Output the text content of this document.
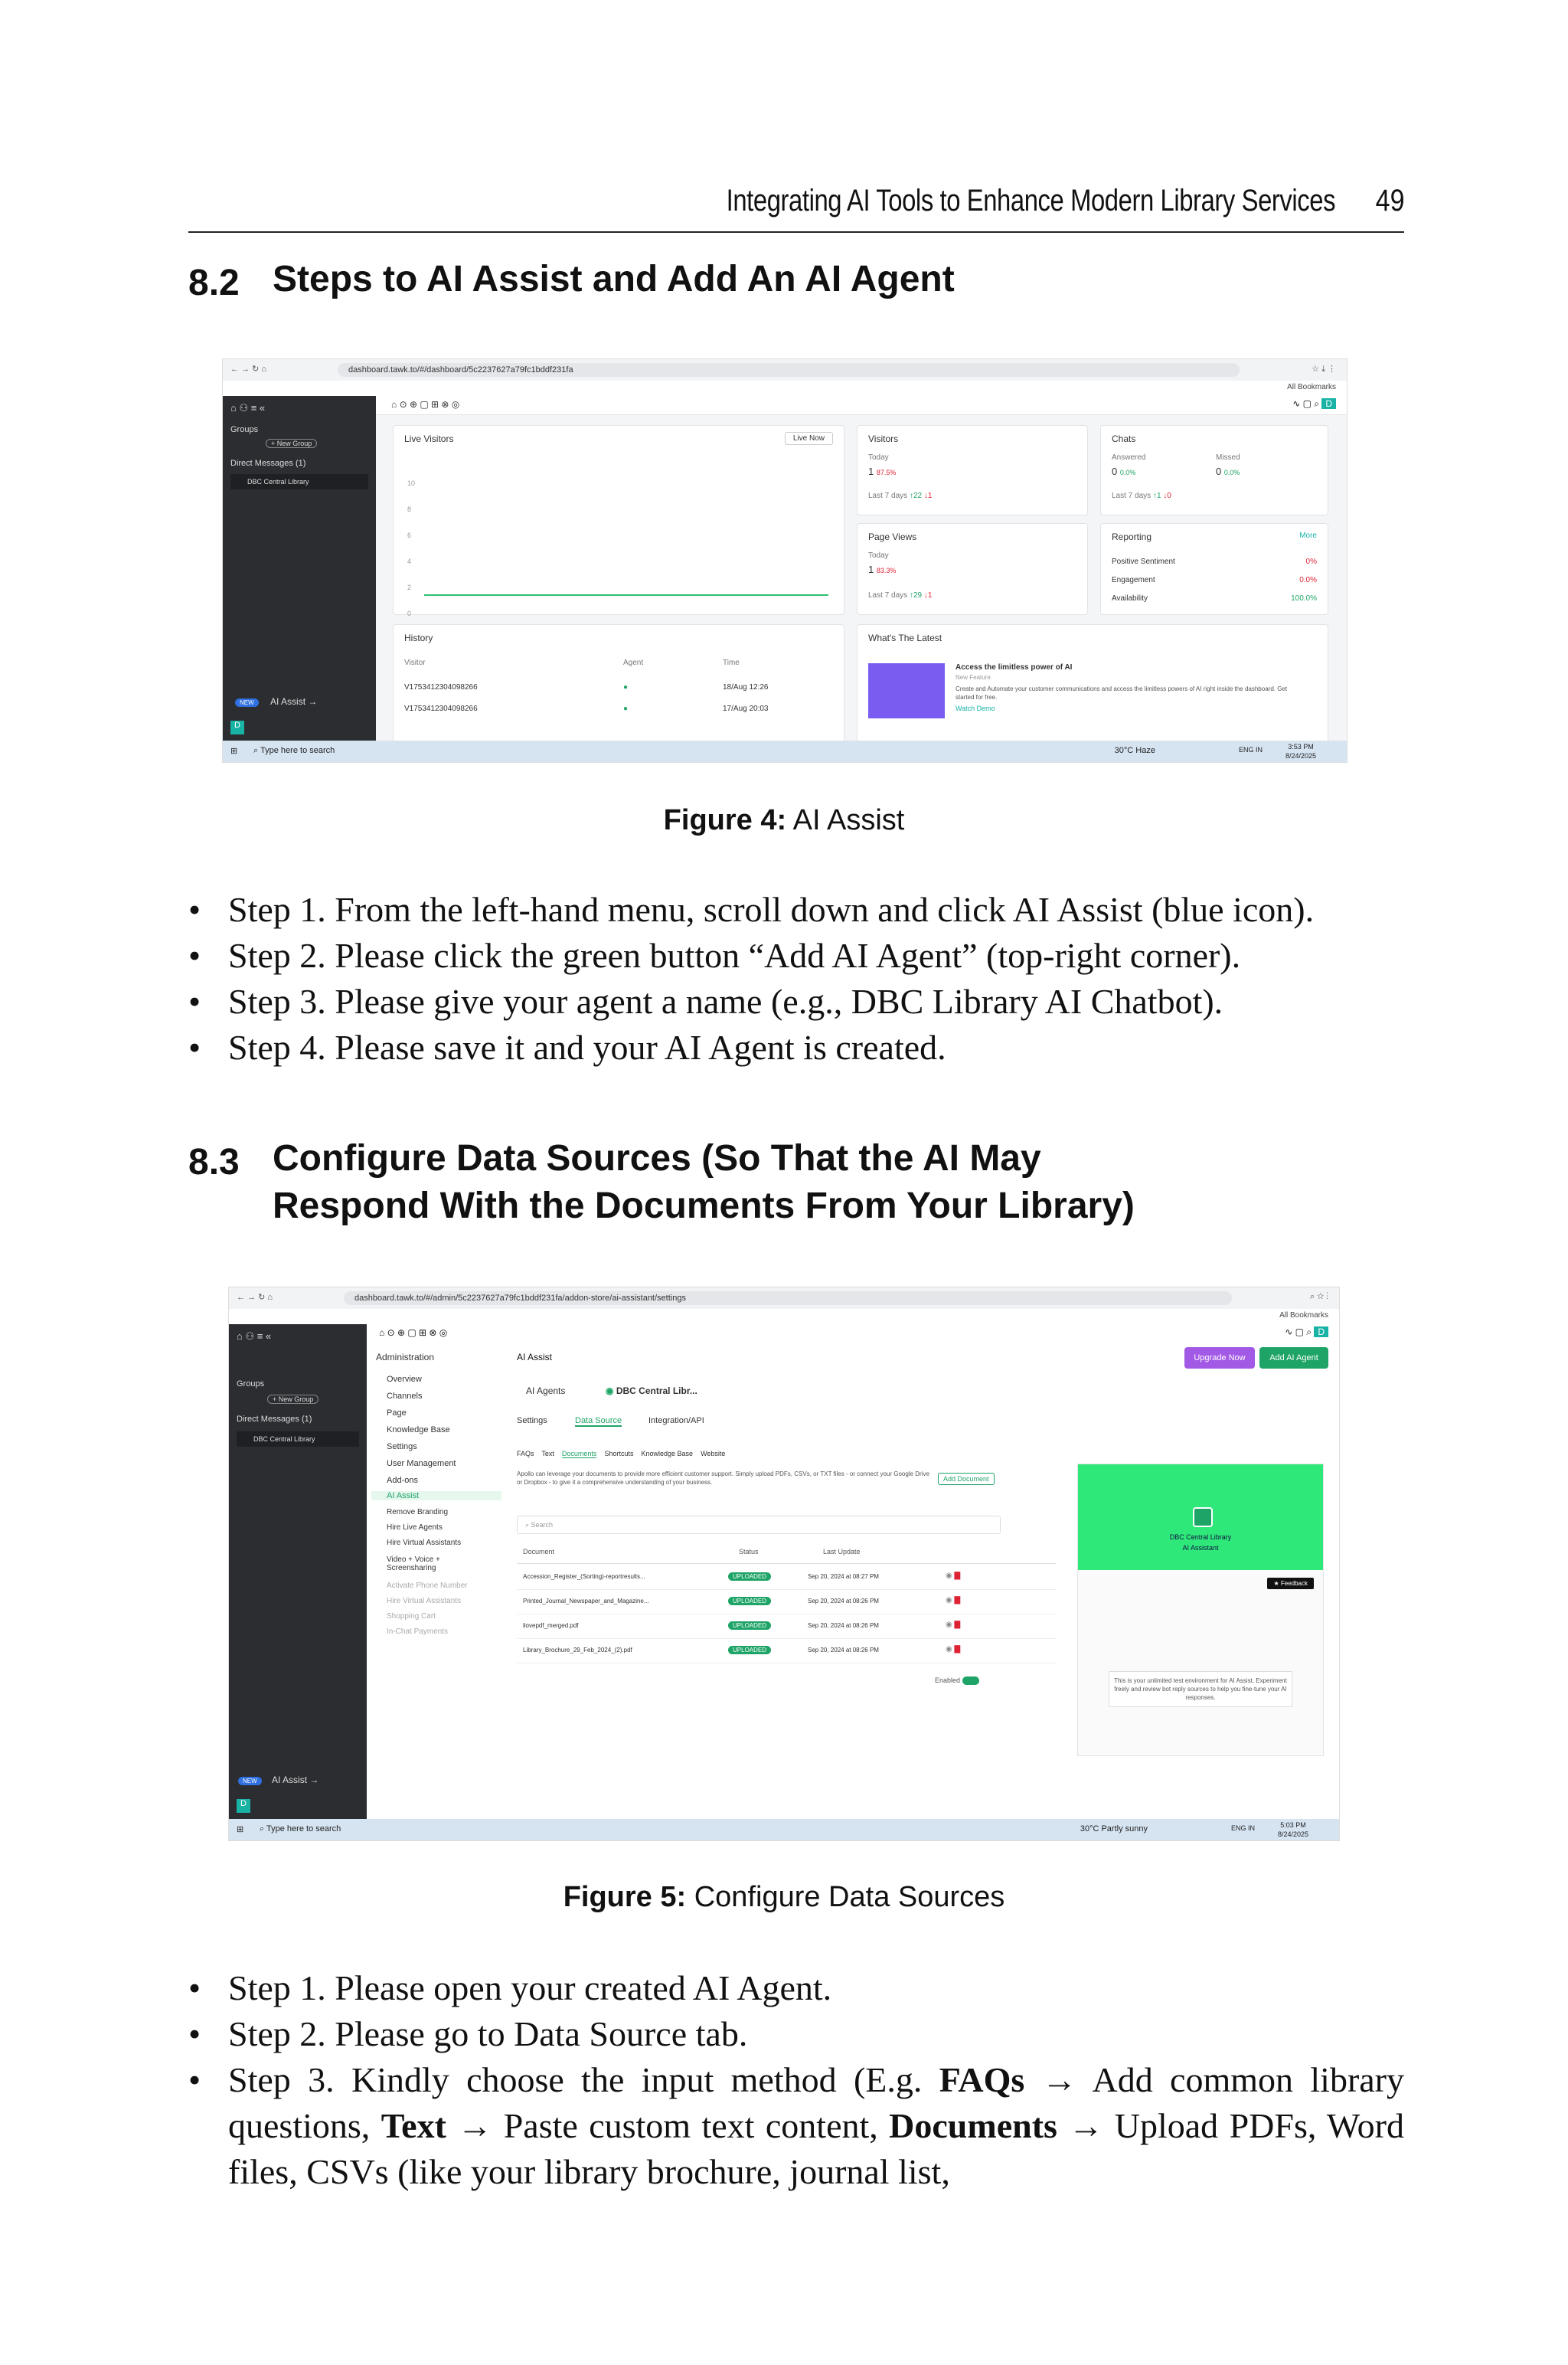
Integrating AI Tools to Enhance Modern Library Services 49
8.2 Steps to AI Assist and Add An AI Agent
← → ↻ ⌂	dashboard.tawk.to/#/dashboard/5c2237627a79fc1bddf231fa	☆ ⤓ ⋮
All Bookmarks
⌂ ⚇ ≡ «
Groups
+ New Group
Direct Messages (1)
DBC Central Library
NEW AI Assist →
D
⌂ ⊙ ⊕ ▢ ⊞ ⊗ ◎	∿ ▢ ⌕ D
Live Visitors	Live Now
10
8
6
4
2
0
Visitors
Today
1 87.5%
Last 7 days ↑22 ↓1
Chats
Answered	Missed
0 0.0%	0 0.0%
Last 7 days ↑1 ↓0
Page Views
Today
1 83.3%
Last 7 days ↑29 ↓1
Reporting	More
Positive Sentiment	0%
Engagement	0.0%
Availability	100.0%
History
Visitor	Agent	Time
V1753412304098266	●	18/Aug 12:26
V1753412304098266	●	17/Aug 20:03
What's The Latest
Access the limitless power of AI
New Feature
Create and Automate your customer communications and access the limitless powers of AI right inside the dashboard. Get started for free.
Watch Demo
⊞ ⌕ Type here to search	30°C Haze	ENG IN	3:53 PM
8/24/2025
Figure 4: AI Assist
• Step 1. From the left-hand menu, scroll down and click AI Assist (blue icon).
• Step 2. Please click the green button “Add AI Agent” (top-right corner).
• Step 3. Please give your agent a name (e.g., DBC Library AI Chatbot).
• Step 4. Please save it and your AI Agent is created.
8.3 Configure Data Sources (So That the AI May
Respond With the Documents From Your Library)
← → ↻ ⌂	dashboard.tawk.to/#/admin/5c2237627a79fc1bddf231fa/addon-store/ai-assistant/settings	⌕ ☆ ⋮
All Bookmarks
⌂ ⚇ ≡ «
Groups
+ New Group
Direct Messages (1)
DBC Central Library
NEW AI Assist →
D
⌂ ⊙ ⊕ ▢ ⊞ ⊗ ◎	∿ ▢ ⌕ D
Administration
Overview
Channels
Page
Knowledge Base
Settings
User Management
Add-ons
AI Assist
Remove Branding
Hire Live Agents
Hire Virtual Assistants
Video + Voice + Screensharing
Activate Phone Number
Hire Virtual Assistants
Shopping Cart
In-Chat Payments
AI Assist	Upgrade Now	Add AI Agent
AI Agents	◉ DBC Central Libr...
Settings	Data Source	Integration/API
FAQs Text Documents Shortcuts Knowledge Base Website
Apollo can leverage your documents to provide more efficient customer support. Simply upload PDFs, CSVs, or TXT files - or connect your Google Drive or Dropbox - to give it a comprehensive understanding of your business.	Add Document
⌕ Search
Document	Status	Last Update
Accession_Register_(Sorting)-reportresults...	UPLOADED	Sep 20, 2024 at 08:27 PM	◉ ▇
Printed_Journal_Newspaper_and_Magazine...	UPLOADED	Sep 20, 2024 at 08:26 PM	◉ ▇
ilovepdf_merged.pdf	UPLOADED	Sep 20, 2024 at 08:26 PM	◉ ▇
Library_Brochure_29_Feb_2024_(2).pdf	UPLOADED	Sep 20, 2024 at 08:26 PM	◉ ▇
Enabled
DBC Central Library
AI Assistant
★ Feedback
This is your unlimited test environment for AI Assist. Experiment freely and review bot reply sources to help you fine-tune your AI responses.
⊞ ⌕ Type here to search	30°C Partly sunny	ENG IN	5:03 PM
8/24/2025
Figure 5: Configure Data Sources
• Step 1. Please open your created AI Agent.
• Step 2. Please go to Data Source tab.
• Step 3. Kindly choose the input method (E.g. FAQs → Add common library questions, Text → Paste custom text content, Documents → Upload PDFs, Word files, CSVs (like your library brochure, journal list,
